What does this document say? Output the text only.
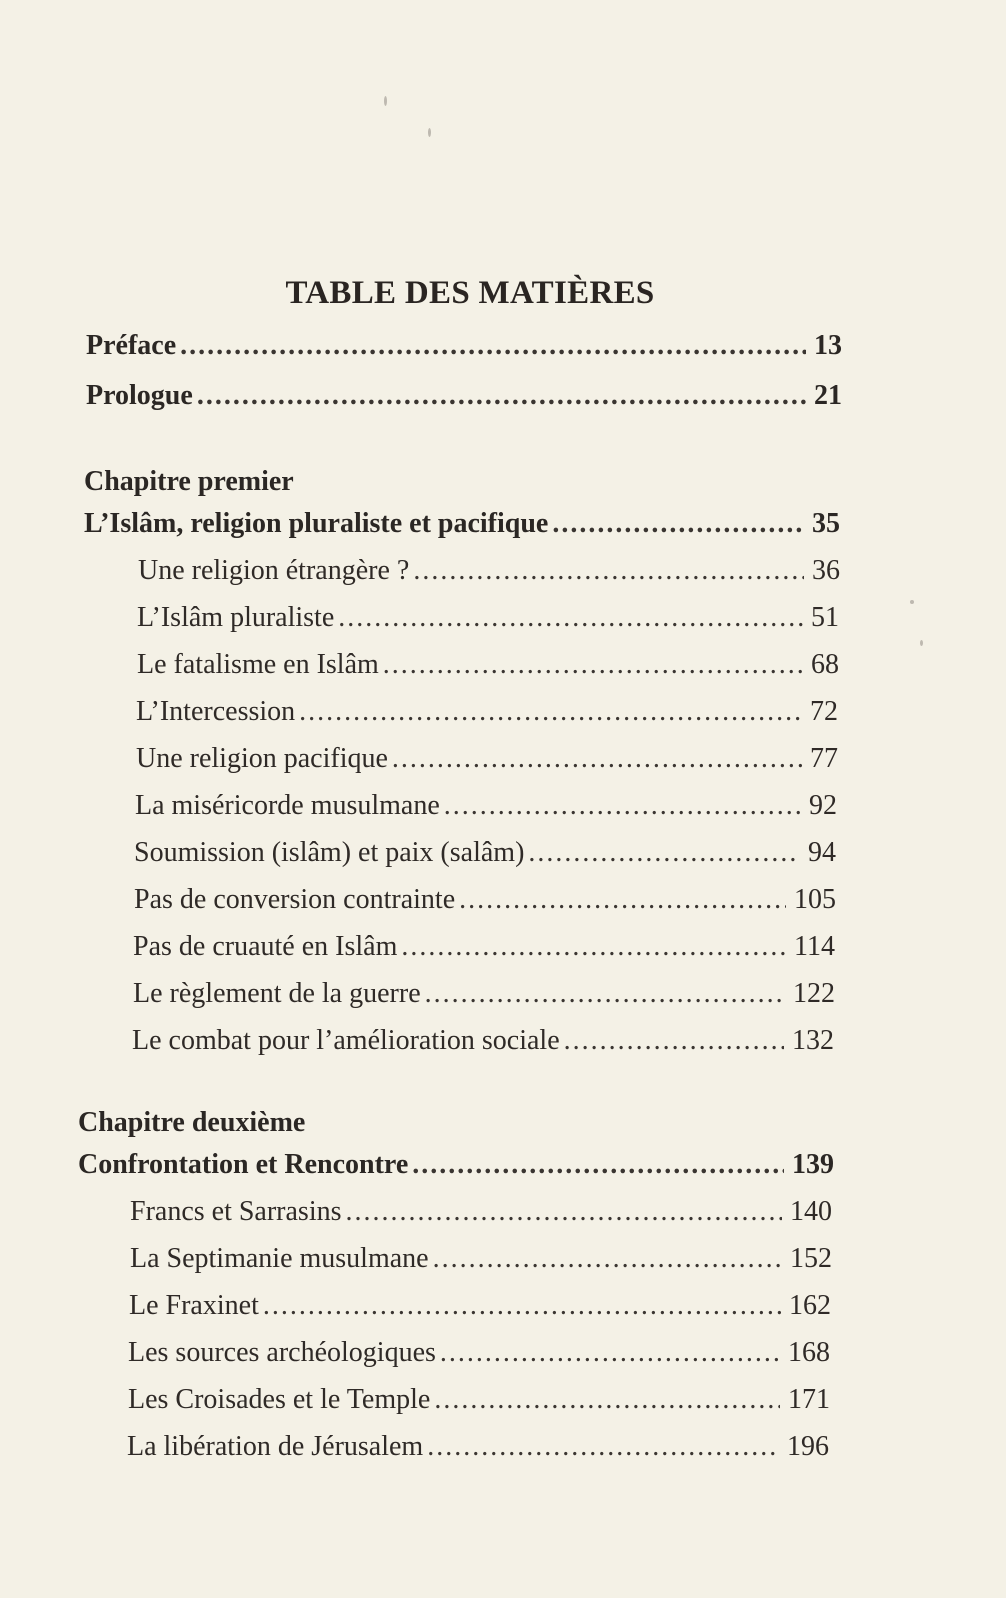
TABLE DES MATIÈRES
Préface .....	13
Prologue .....	21
Chapitre premier
L’Islâm, religion pluraliste et pacifique .....	35
Une religion étrangère ? .....	36
L’Islâm pluraliste .....	51
Le fatalisme en Islâm .....	68
L’Intercession .....	72
Une religion pacifique .....	77
La miséricorde musulmane .....	92
Soumission (islâm) et paix (salâm) .....	94
Pas de conversion contrainte .....	105
Pas de cruauté en Islâm .....	114
Le règlement de la guerre .....	122
Le combat pour l’amélioration sociale .....	132
Chapitre deuxième
Confrontation et Rencontre .....	139
Francs et Sarrasins .....	140
La Septimanie musulmane .....	152
Le Fraxinet .....	162
Les sources archéologiques .....	168
Les Croisades et le Temple .....	171
La libération de Jérusalem .....	196
